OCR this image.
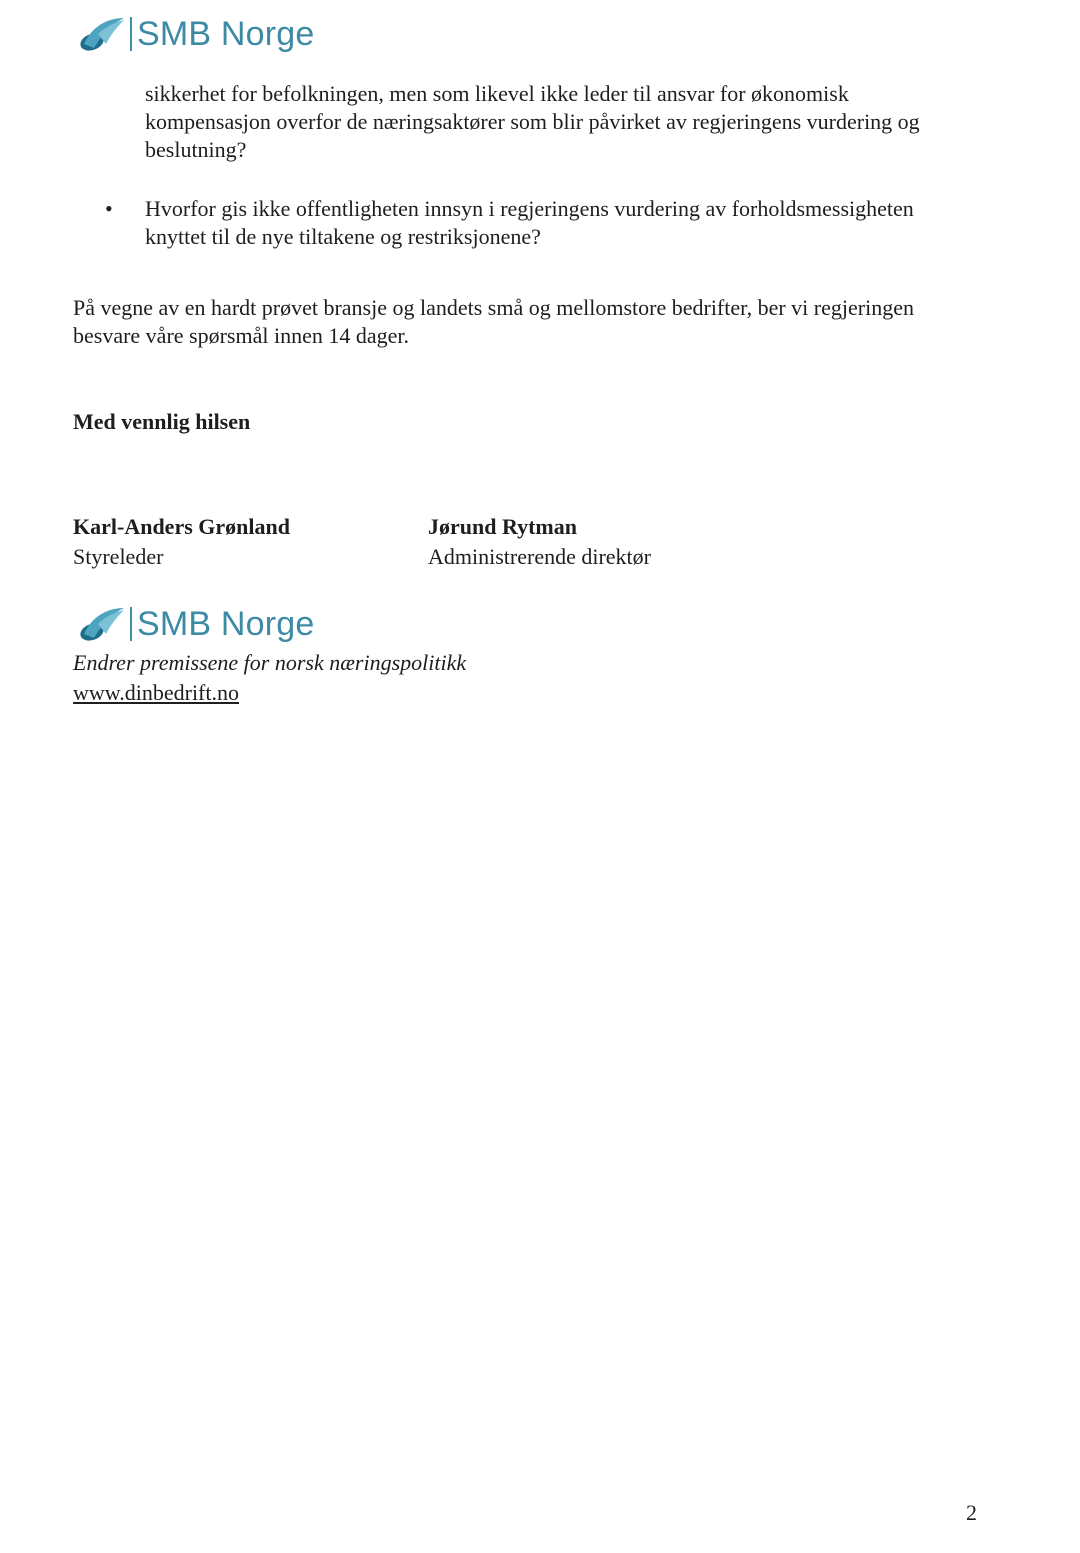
SMB Norge

sikkerhet for befolkningen, men som likevel ikke leder til ansvar for økonomisk kompensasjon overfor de næringsaktører som blir påvirket av regjeringens vurdering og beslutning?

•	Hvorfor gis ikke offentligheten innsyn i regjeringens vurdering av forholdsmessigheten knyttet til de nye tiltakene og restriksjonene?

På vegne av en hardt prøvet bransje og landets små og mellomstore bedrifter, ber vi regjeringen besvare våre spørsmål innen 14 dager.

Med vennlig hilsen
Karl-Anders Grønland
Styreleder
Jørund Rytman
Administrerende direktør
SMB Norge
Endrer premissene for norsk næringspolitikk
www.dinbedrift.no
2
